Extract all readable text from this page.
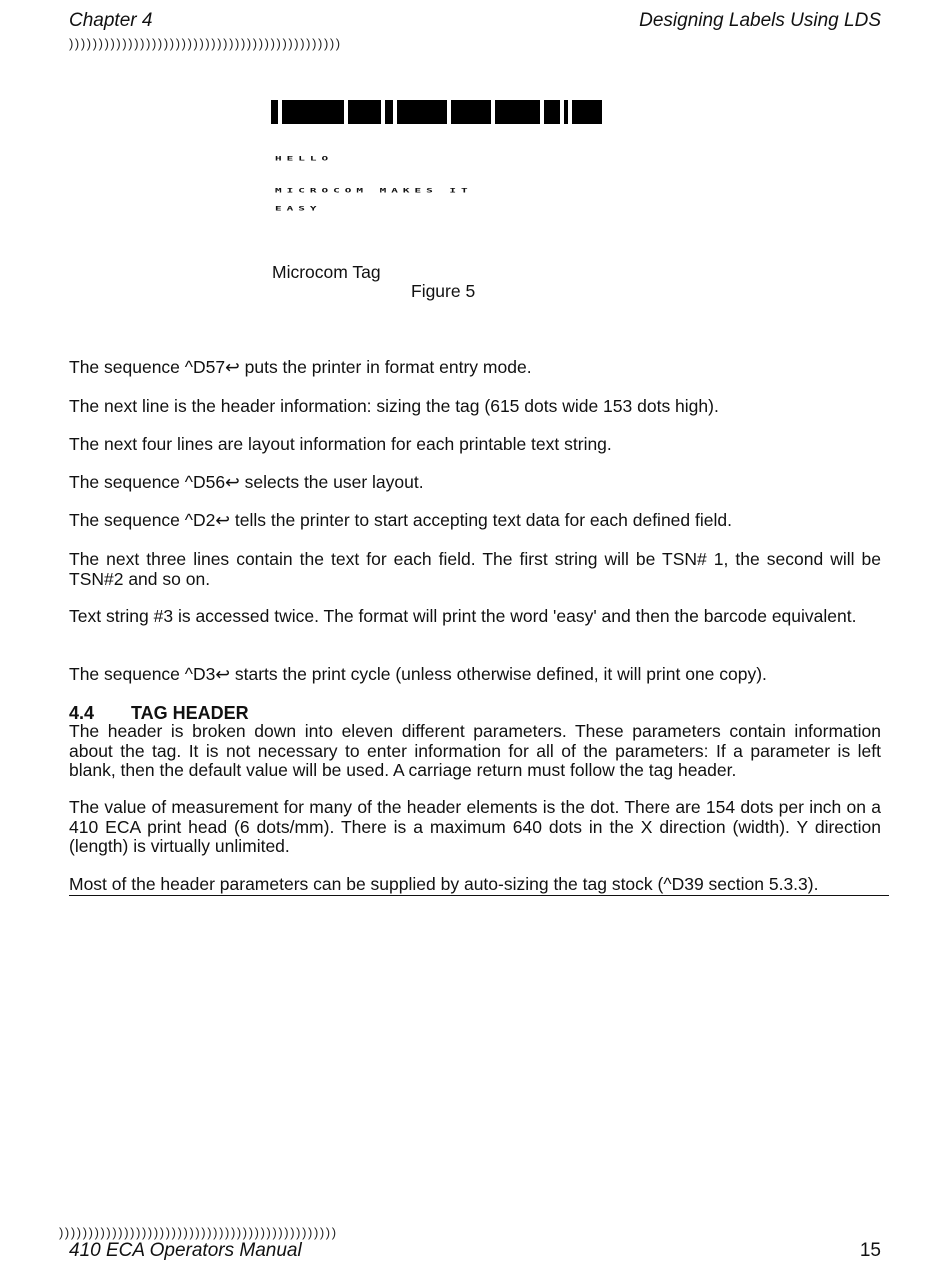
Chapter 4	Designing Labels Using LDS
))))))))))))))))))))))))))))))))))))))))))))))
HELLO
MICROCOM MAKES IT
EASY
Microcom Tag
Figure 5
The sequence ^D57↩ puts the printer in format entry mode.
The next line is the header information: sizing the tag (615 dots wide 153 dots high).
The next four lines are layout information for each printable text string.
The sequence ^D56↩ selects the user layout.
The sequence ^D2↩ tells the printer to start accepting text data for each defined field.
The next three lines contain the text for each field. The first string will be TSN# 1, the second will be TSN#2 and so on.
Text string #3 is accessed twice. The format will print the word 'easy' and then the barcode equivalent.
The sequence ^D3↩ starts the print cycle (unless otherwise defined, it will print one copy).
4.4 TAG HEADER
The header is broken down into eleven different parameters. These parameters contain information about the tag. It is not necessary to enter information for all of the parameters: If a parameter is left blank, then the default value will be used. A carriage return must follow the tag header.
The value of measurement for many of the header elements is the dot. There are 154 dots per inch on a 410 ECA print head (6 dots/mm). There is a maximum 640 dots in the X direction (width). Y direction (length) is virtually unlimited.
Most of the header parameters can be supplied by auto-sizing the tag stock (^D39 section 5.3.3).
)))))))))))))))))))))))))))))))))))))))))))))))
410 ECA Operators Manual	15
